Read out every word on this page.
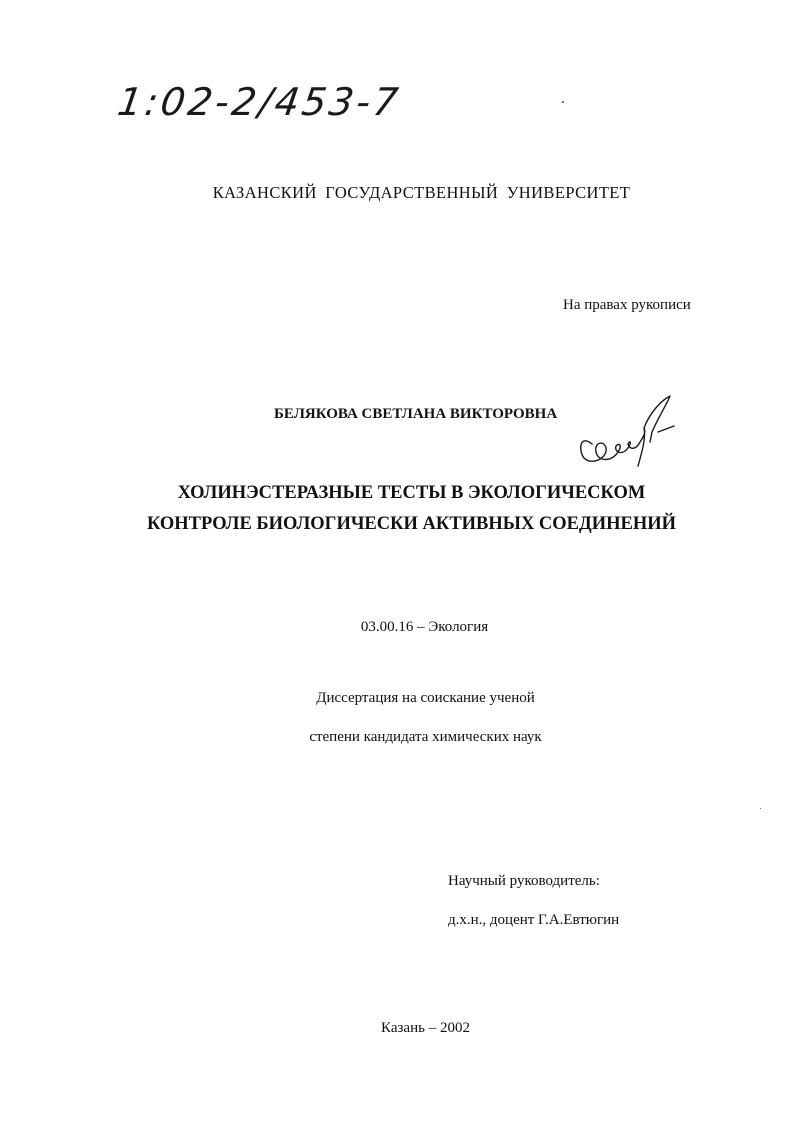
1:02-2/453-7
КАЗАНСКИЙ ГОСУДАРСТВЕННЫЙ УНИВЕРСИТЕТ
На правах рукописи
БЕЛЯКОВА СВЕТЛАНА ВИКТОРОВНА
ХОЛИНЭСТЕРАЗНЫЕ ТЕСТЫ В ЭКОЛОГИЧЕСКОМ
КОНТРОЛЕ БИОЛОГИЧЕСКИ АКТИВНЫХ СОЕДИНЕНИЙ
03.00.16 – Экология
Диссертация на соискание ученой
степени кандидата химических наук
Научный руководитель:
д.х.н., доцент Г.А.Евтюгин
Казань – 2002
